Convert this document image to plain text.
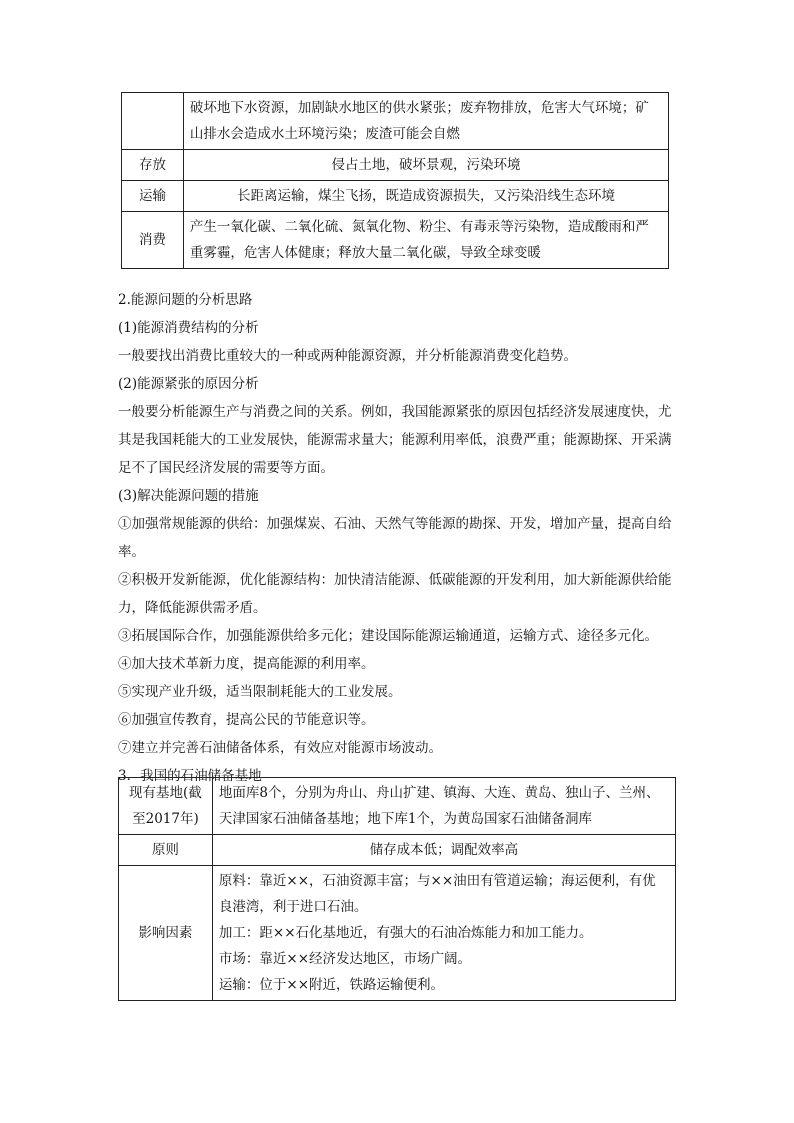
	破坏地下水资源，加剧缺水地区的供水紧张；废弃物排放，危害大气环境；矿山排水会造成水土环境污染；废渣可能会自燃
存放	侵占土地，破坏景观，污染环境
运输	长距离运输，煤尘飞扬，既造成资源损失，又污染沿线生态环境
消费	产生一氧化碳、二氧化硫、氮氧化物、粉尘、有毒汞等污染物，造成酸雨和严重雾霾，危害人体健康；释放大量二氧化碳，导致全球变暖
2.能源问题的分析思路
(1)能源消费结构的分析
一般要找出消费比重较大的一种或两种能源资源，并分析能源消费变化趋势。
(2)能源紧张的原因分析
一般要分析能源生产与消费之间的关系。例如，我国能源紧张的原因包括经济发展速度快，尤其是我国耗能大的工业发展快，能源需求量大；能源利用率低，浪费严重；能源勘探、开采满足不了国民经济发展的需要等方面。
(3)解决能源问题的措施
①加强常规能源的供给：加强煤炭、石油、天然气等能源的勘探、开发，增加产量，提高自给率。
②积极开发新能源，优化能源结构：加快清洁能源、低碳能源的开发利用，加大新能源供给能力，降低能源供需矛盾。
③拓展国际合作，加强能源供给多元化；建设国际能源运输通道，运输方式、途径多元化。
④加大技术革新力度，提高能源的利用率。
⑤实现产业升级，适当限制耗能大的工业发展。
⑥加强宣传教育，提高公民的节能意识等。
⑦建立并完善石油储备体系，有效应对能源市场波动。
3．我国的石油储备基地
现有基地(截至2017年)	地面库8个，分别为舟山、舟山扩建、镇海、大连、黄岛、独山子、兰州、天津国家石油储备基地；地下库1个，为黄岛国家石油储备洞库
原则	储存成本低；调配效率高
影响因素	原料：靠近××，石油资源丰富；与××油田有管道运输；海运便利，有优良港湾，利于进口石油。
加工：距××石化基地近，有强大的石油冶炼能力和加工能力。
市场：靠近××经济发达地区，市场广阔。
运输：位于××附近，铁路运输便利。
